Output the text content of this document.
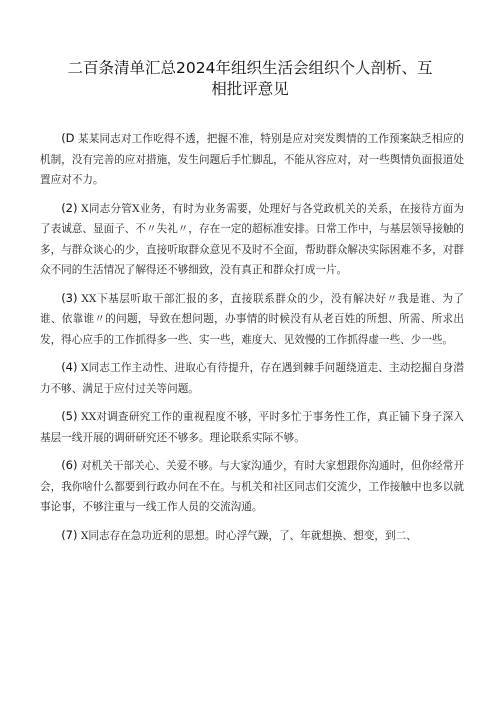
二百条清单汇总2024年组织生活会组织个人剖析、互
相批评意见

(D 某某同志对工作吃得不透，把握不准，特别是应对突发舆情的工作预案缺乏相应的机制，没有完善的应对措施，发生问题后手忙脚乱，不能从容应对，对一些舆情负面报道处置应对不力。

(2) X同志分管X业务，有时为业务需要，处理好与各党政机关的关系，在接待方面为了表诚意、显面子、不〃失礼〃，存在一定的超标准安排。日常工作中，与基层领导接触的多，与群众谈心的少，直接听取群众意见不及时不全面，帮助群众解决实际困难不多，对群众不同的生活情况了解得还不够细致，没有真正和群众打成一片。

(3) XX下基层听取干部汇报的多，直接联系群众的少，没有解决好〃我是谁、为了谁、依靠谁〃的问题，导致在想问题，办事情的时候没有从老百姓的所想、所需、所求出发，得心应手的工作抓得多一些、实一些，难度大、见效慢的工作抓得虚一些、少一些。

(4) X同志工作主动性、进取心有待提升，存在遇到棘手问题绕道走、主动挖掘自身潜力不够、满足于应付过关等问题。

(5) XX对调查研究工作的重视程度不够，平时多忙于事务性工作，真正铺下身子深入基层一线开展的调研研究还不够多。理论联系实际不够。

(6) 对机关干部关心、关爱不够。与大家沟通少，有时大家想跟你沟通时，但你经常开会，我你啥什么都要到行政办问在不在。与机关和社区同志们交流少，工作接触中也多以就事论事，不够注重与一线工作人员的交流沟通。

(7) X同志存在急功近利的思想。时心浮气躁，了、年就想换、想变，到二、
